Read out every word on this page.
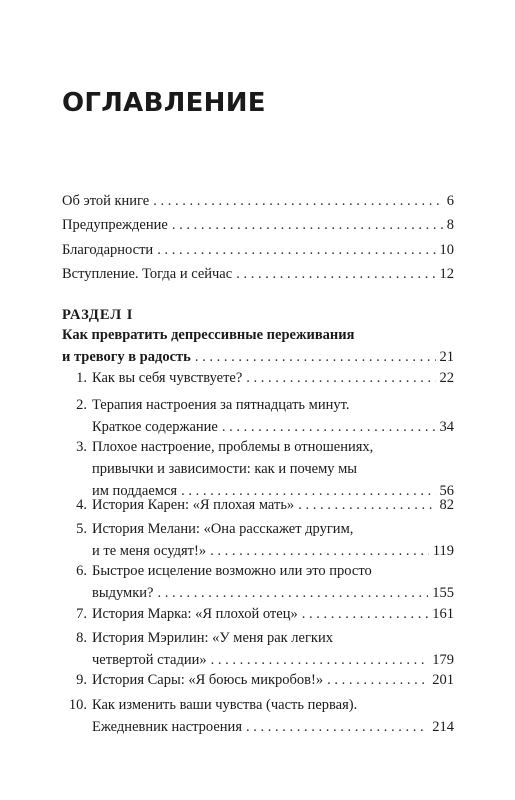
ОГЛАВЛЕНИЕ
Об этой книге . . .	6
Предупреждение . . .	8
Благодарности . . .	10
Вступление. Тогда и сейчас . . .	12
РАЗДЕЛ I
Как превратить депрессивные переживания
и тревогу в радость . . .	21
1. Как вы себя чувствуете? . . .	22
2. Терапия настроения за пятнадцать минут.
Краткое содержание . . .	34
3. Плохое настроение, проблемы в отношениях,
привычки и зависимости: как и почему мы
им поддаемся . . .	56
4. История Карен: «Я плохая мать» . . .	82
5. История Мелани: «Она расскажет другим,
и те меня осудят!» . . .	119
6. Быстрое исцеление возможно или это просто
выдумки? . . .	155
7. История Марка: «Я плохой отец» . . .	161
8. История Мэрилин: «У меня рак легких
четвертой стадии» . . .	179
9. История Сары: «Я боюсь микробов!» . . .	201
10. Как изменить ваши чувства (часть первая).
Ежедневник настроения . . .	214
